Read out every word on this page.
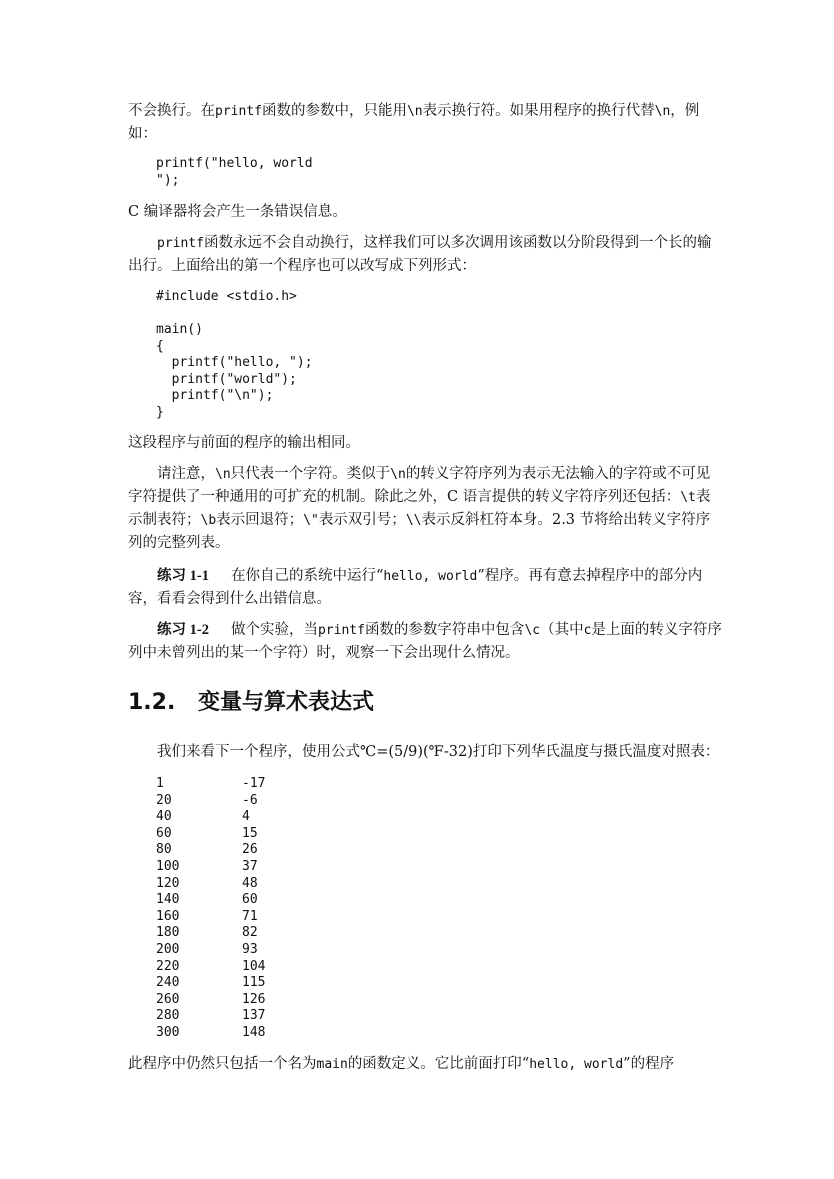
不会换行。在printf函数的参数中，只能用\n表示换行符。如果用程序的换行代替\n，例如：

printf("hello, world
");

C 编译器将会产生一条错误信息。

printf函数永远不会自动换行，这样我们可以多次调用该函数以分阶段得到一个长的输出行。上面给出的第一个程序也可以改写成下列形式：

#include <stdio.h>

main()
{
printf("hello, ");
printf("world");
printf("\n");
}

这段程序与前面的程序的输出相同。

请注意，\n只代表一个字符。类似于\n的转义字符序列为表示无法输入的字符或不可见字符提供了一种通用的可扩充的机制。除此之外，C 语言提供的转义字符序列还包括：\t表示制表符；\b表示回退符；\"表示双引号；\\表示反斜杠符本身。2.3 节将给出转义字符序列的完整列表。

练习 1-1 在你自己的系统中运行“hello, world”程序。再有意去掉程序中的部分内容，看看会得到什么出错信息。

练习 1-2 做个实验，当printf函数的参数字符串中包含\c（其中c是上面的转义字符序列中未曾列出的某一个字符）时，观察一下会出现什么情况。

1.2. 变量与算术表达式

我们来看下一个程序，使用公式℃=(5/9)(℉-32)打印下列华氏温度与摄氏温度对照表：

1	-17
20	-6
40	4
60	15
80	26
100	37
120	48
140	60
160	71
180	82
200	93
220	104
240	115
260	126
280	137
300	148

此程序中仍然只包括一个名为main的函数定义。它比前面打印“hello, world”的程序
